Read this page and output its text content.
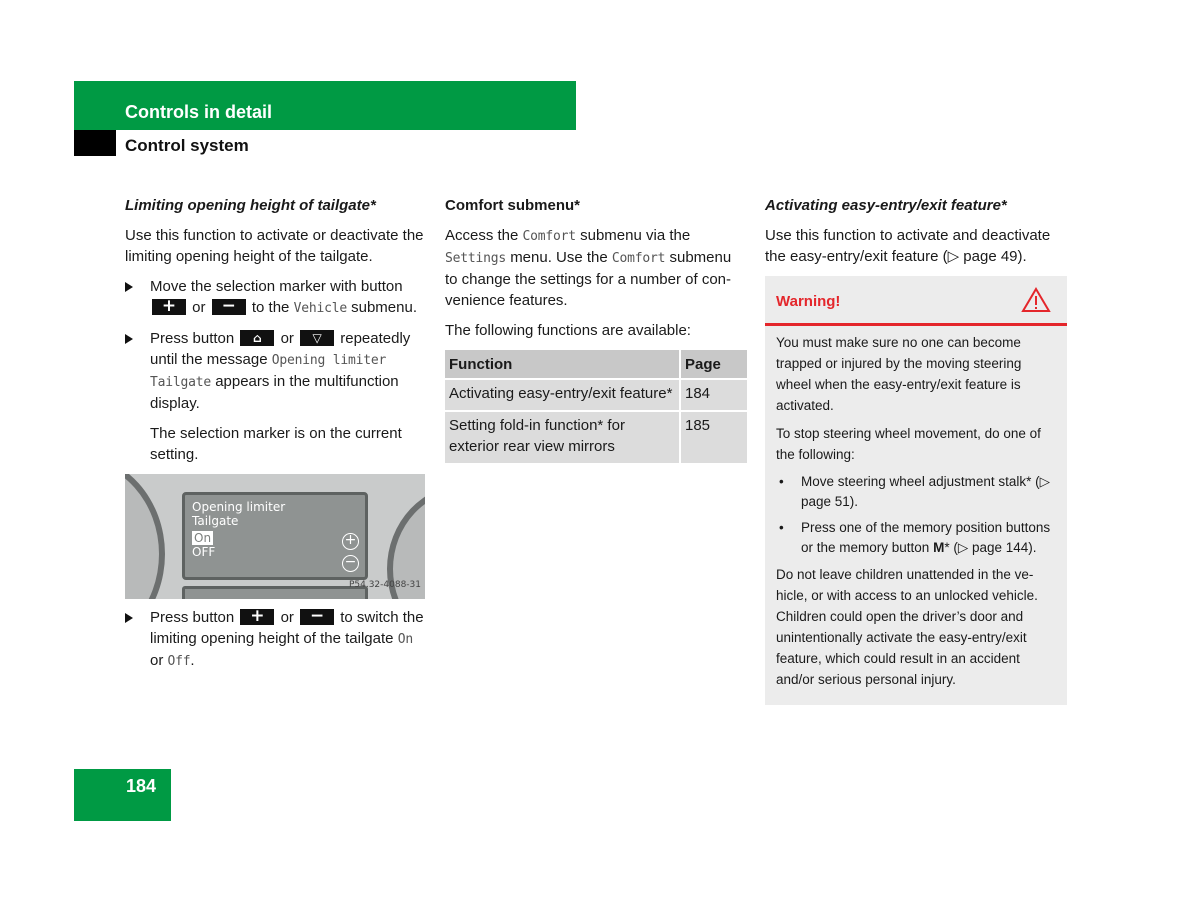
Controls in detail
Control system
Limiting opening height of tailgate*

Use this function to activate or deactivate the limiting opening height of the tailgate.

Move the selection marker with button
+	or −	to the Vehicle submenu.
Press button	⌂	or	▽	repeatedly until the message Opening limiter Tailgate appears in the multifunction display.
The selection marker is on the current setting.
Opening limiter
Tailgate
On
OFF
+
−
P54.32-4088-31
Press button +	or −	to switch the limiting opening height of the tailgate On or Off.
Comfort submenu*

Access the Comfort submenu via the Settings menu. Use the Comfort submenu to change the settings for a number of con-venience features.

The following functions are available:

Function	Page
Activating easy-entry/exit feature*	184
Setting fold-in function* for exterior rear view mirrors	185
Activating easy-entry/exit feature*

Use this function to activate and deactivate the easy-entry/exit feature (▷ page 49).

Warning!

You must make sure no one can become trapped or injured by the moving steering wheel when the easy-entry/exit feature is activated.

To stop steering wheel movement, do one of the following:

• Move steering wheel adjustment stalk* (▷ page 51).
• Press one of the memory position buttons or the memory button M* (▷ page 144).

Do not leave children unattended in the ve-hicle, or with access to an unlocked vehicle. Children could open the driver’s door and unintentionally activate the easy-entry/exit feature, which could result in an accident and/or serious personal injury.

184
